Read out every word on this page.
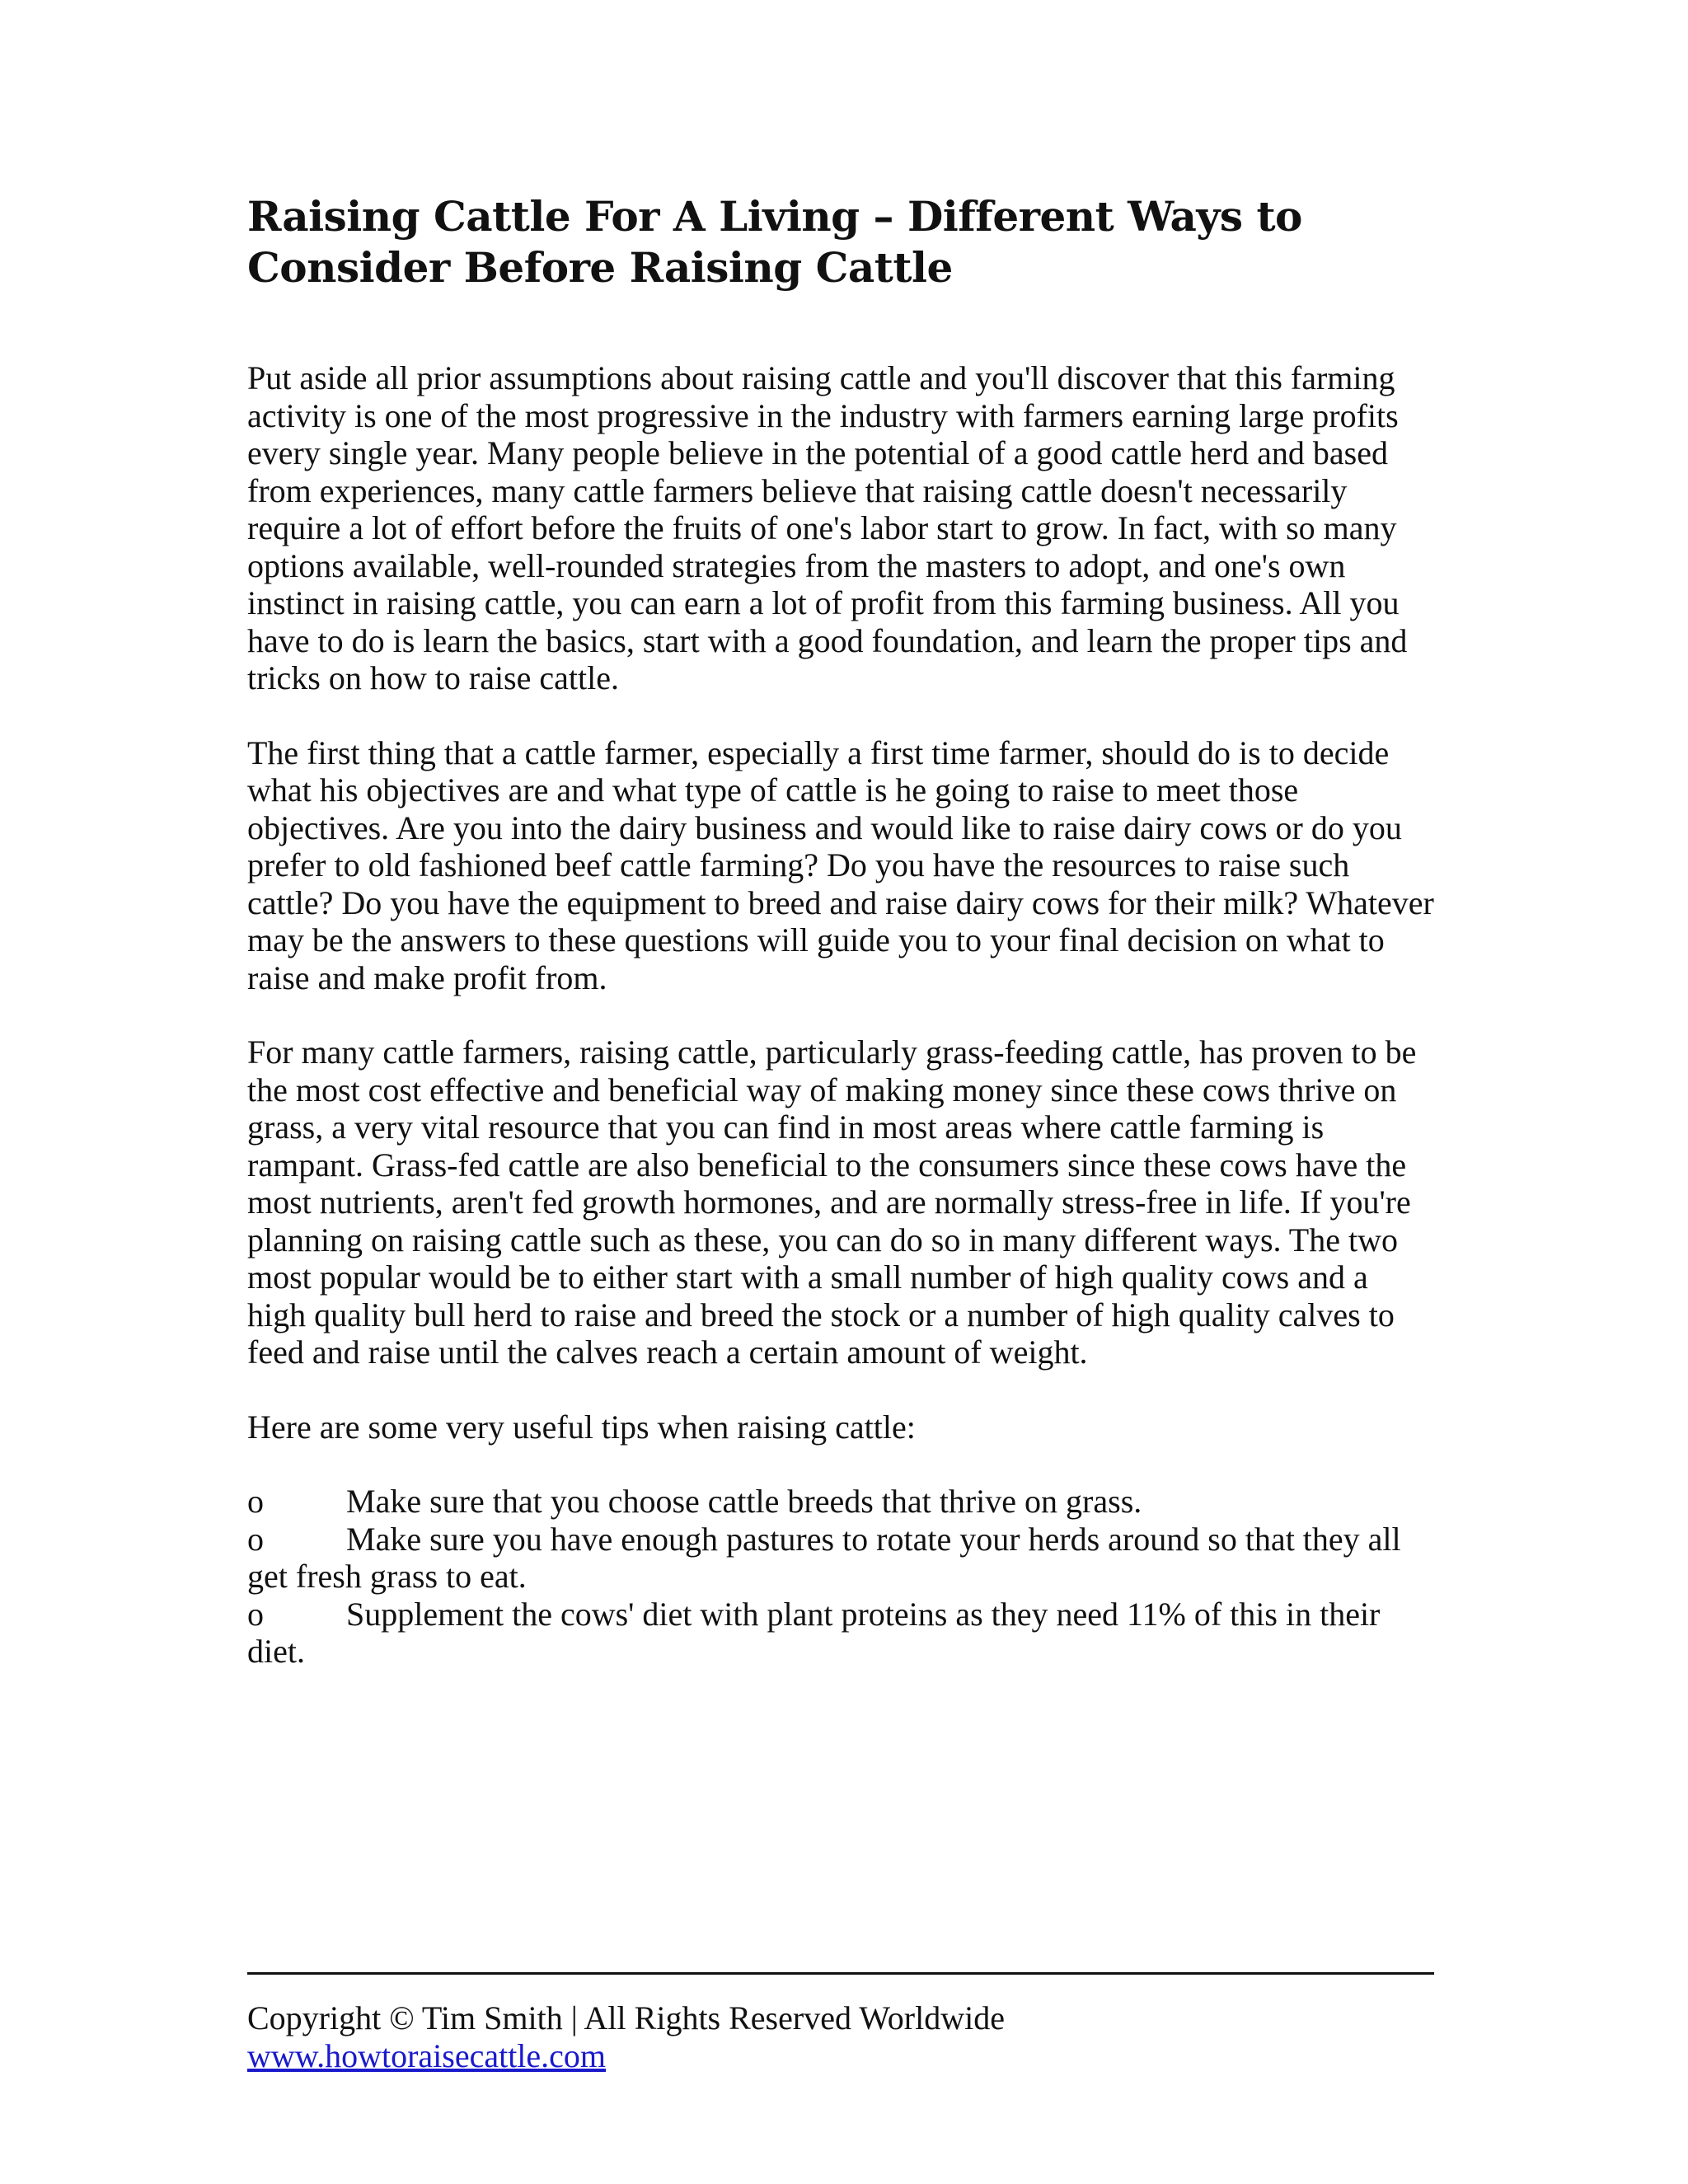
Raising Cattle For A Living – Different Ways to Consider Before Raising Cattle

Put aside all prior assumptions about raising cattle and you'll discover that this farming activity is one of the most progressive in the industry with farmers earning large profits every single year. Many people believe in the potential of a good cattle herd and based from experiences, many cattle farmers believe that raising cattle doesn't necessarily require a lot of effort before the fruits of one's labor start to grow. In fact, with so many options available, well-rounded strategies from the masters to adopt, and one's own instinct in raising cattle, you can earn a lot of profit from this farming business. All you have to do is learn the basics, start with a good foundation, and learn the proper tips and tricks on how to raise cattle.

The first thing that a cattle farmer, especially a first time farmer, should do is to decide what his objectives are and what type of cattle is he going to raise to meet those objectives. Are you into the dairy business and would like to raise dairy cows or do you prefer to old fashioned beef cattle farming? Do you have the resources to raise such cattle? Do you have the equipment to breed and raise dairy cows for their milk? Whatever may be the answers to these questions will guide you to your final decision on what to raise and make profit from.

For many cattle farmers, raising cattle, particularly grass-feeding cattle, has proven to be the most cost effective and beneficial way of making money since these cows thrive on grass, a very vital resource that you can find in most areas where cattle farming is rampant. Grass-fed cattle are also beneficial to the consumers since these cows have the most nutrients, aren't fed growth hormones, and are normally stress-free in life. If you're planning on raising cattle such as these, you can do so in many different ways. The two most popular would be to either start with a small number of high quality cows and a high quality bull herd to raise and breed the stock or a number of high quality calves to feed and raise until the calves reach a certain amount of weight.

Here are some very useful tips when raising cattle:

o	Make sure that you choose cattle breeds that thrive on grass.
o	Make sure you have enough pastures to rotate your herds around so that they all get fresh grass to eat.
o	Supplement the cows' diet with plant proteins as they need 11% of this in their diet.

Copyright © Tim Smith | All Rights Reserved Worldwide

www.howtoraisecattle.com
